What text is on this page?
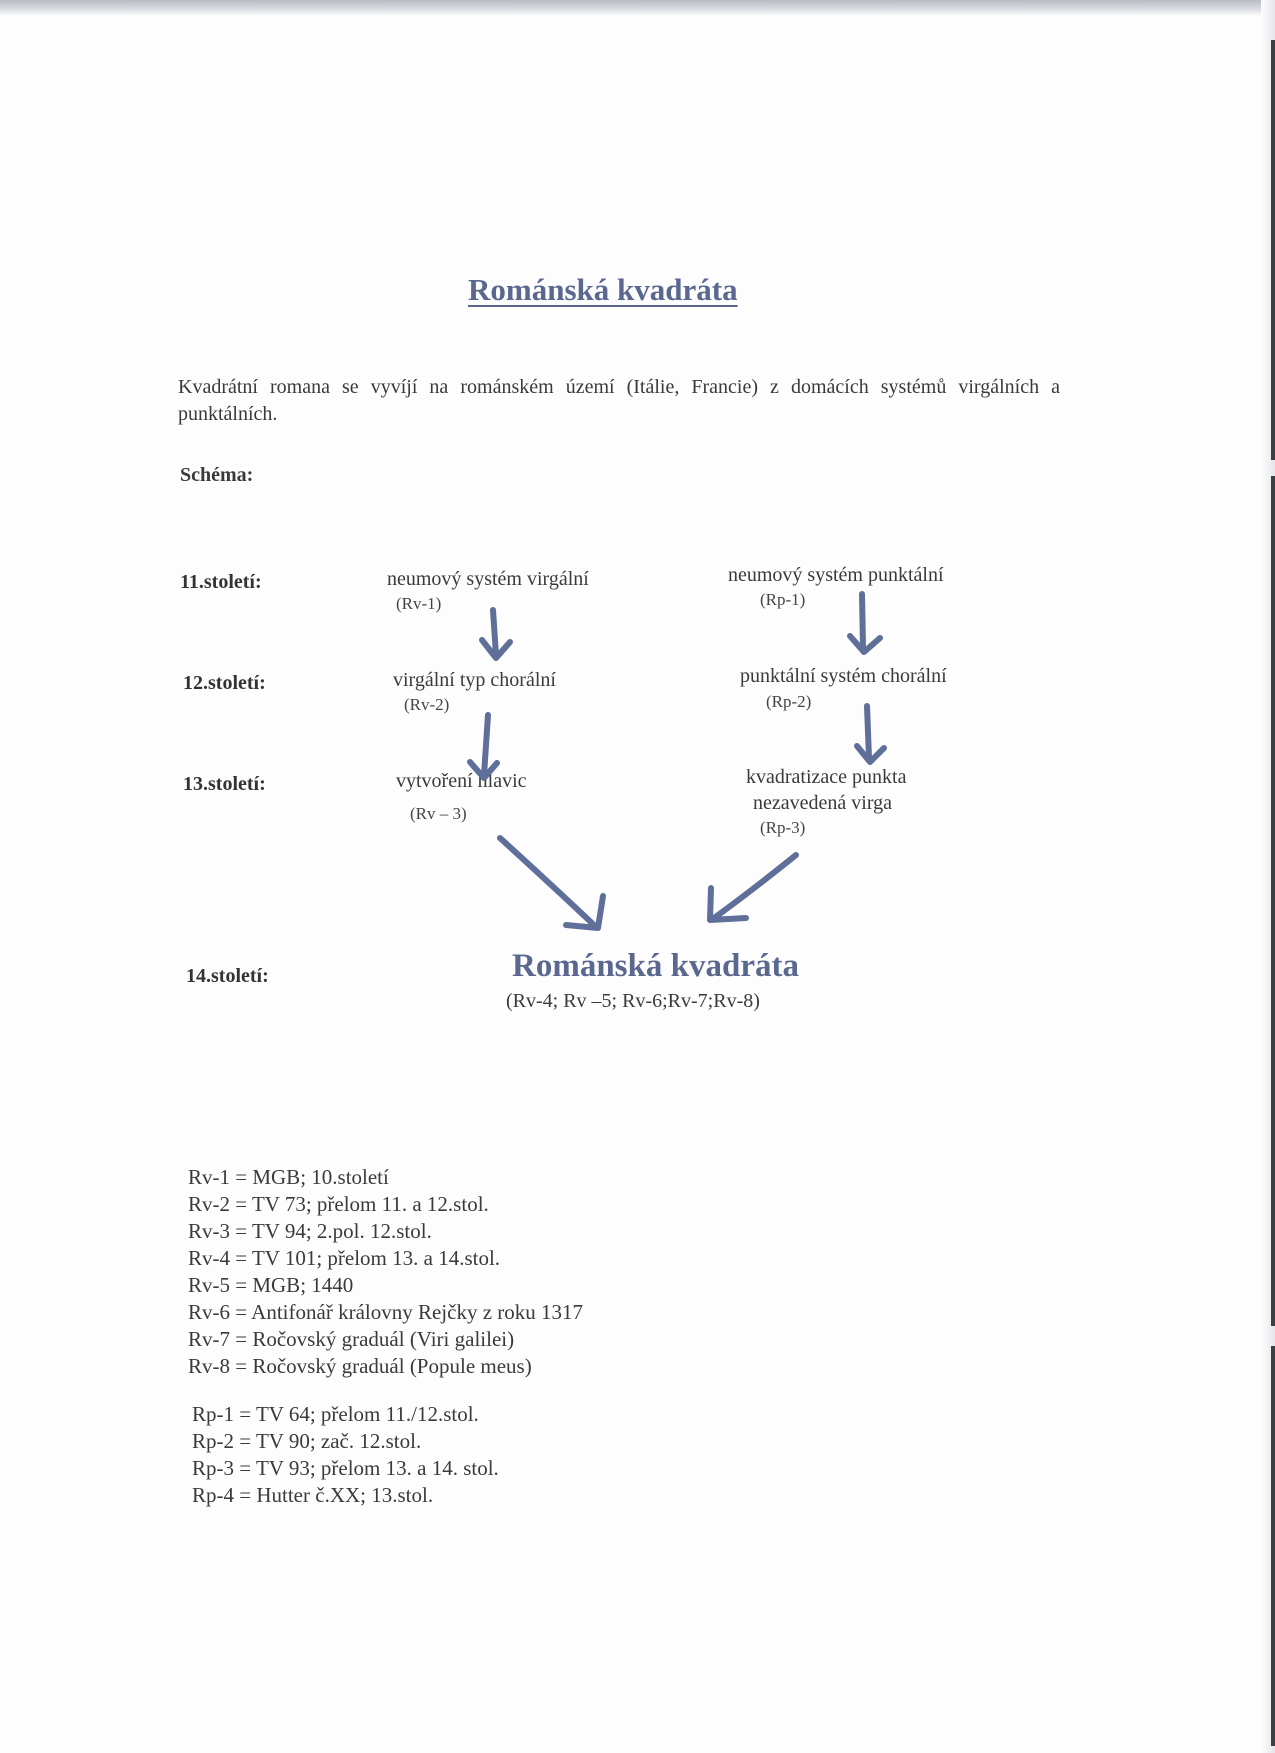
Románská kvadráta
Kvadrátní romana se vyvíjí na románském území (Itálie, Francie) z domácích systémů virgálních a punktálních.
Schéma:
11.století:
12.století:
13.století:
14.století:
neumový systém virgální
(Rv-1)
virgální typ chorální
(Rv-2)
vytvoření hlavic
(Rv – 3)
neumový systém punktální
(Rp-1)
punktální systém chorální
(Rp-2)
kvadratizace punkta
nezavedená virga
(Rp-3)
Románská kvadráta
(Rv-4; Rv –5; Rv-6;Rv-7;Rv-8)
Rv-1 = MGB; 10.století
Rv-2 = TV 73; přelom 11. a 12.stol.
Rv-3 = TV 94; 2.pol. 12.stol.
Rv-4 = TV 101; přelom 13. a 14.stol.
Rv-5 = MGB; 1440
Rv-6 = Antifonář královny Rejčky z roku 1317
Rv-7 = Ročovský graduál (Viri galilei)
Rv-8 = Ročovský graduál (Popule meus)
Rp-1 = TV 64; přelom 11./12.stol.
Rp-2 = TV 90; zač. 12.stol.
Rp-3 = TV 93; přelom 13. a 14. stol.
Rp-4 = Hutter č.XX; 13.stol.
